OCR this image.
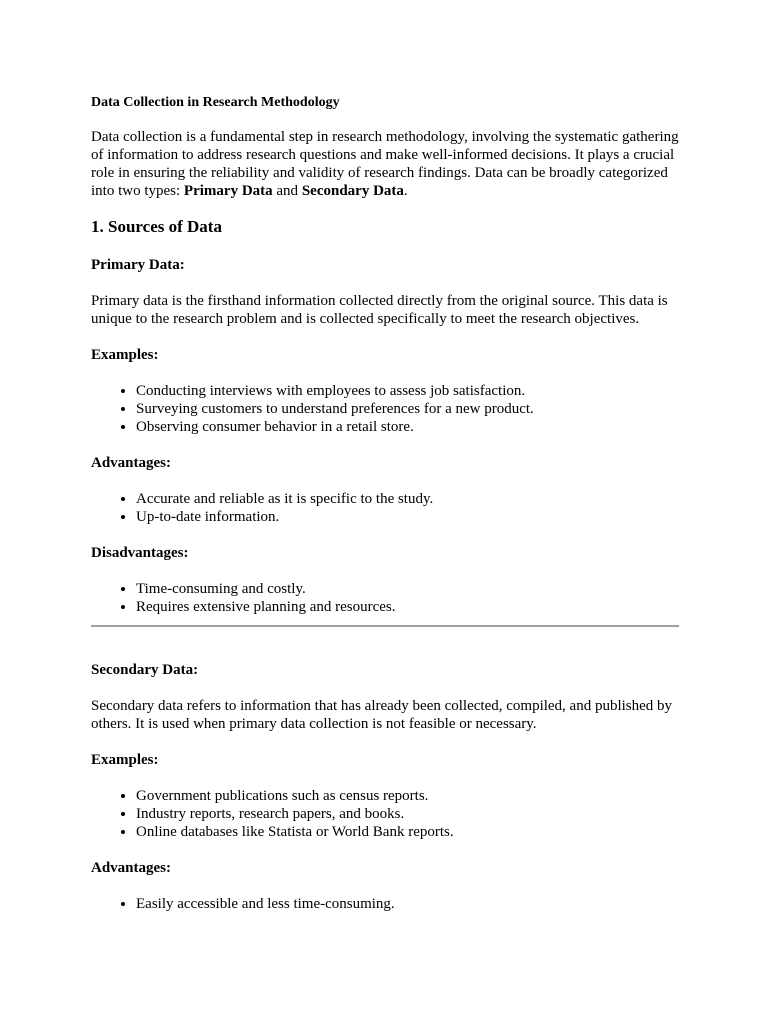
Data Collection in Research Methodology

Data collection is a fundamental step in research methodology, involving the systematic gathering of information to address research questions and make well-informed decisions. It plays a crucial role in ensuring the reliability and validity of research findings. Data can be broadly categorized into two types: Primary Data and Secondary Data.

1. Sources of Data
Primary Data:

Primary data is the firsthand information collected directly from the original source. This data is unique to the research problem and is collected specifically to meet the research objectives.

Examples:
• Conducting interviews with employees to assess job satisfaction.
• Surveying customers to understand preferences for a new product.
• Observing consumer behavior in a retail store.
Advantages:
• Accurate and reliable as it is specific to the study.
• Up-to-date information.
Disadvantages:
• Time-consuming and costly.
• Requires extensive planning and resources.
Secondary Data:

Secondary data refers to information that has already been collected, compiled, and published by others. It is used when primary data collection is not feasible or necessary.

Examples:
• Government publications such as census reports.
• Industry reports, research papers, and books.
• Online databases like Statista or World Bank reports.
Advantages:
• Easily accessible and less time-consuming.
